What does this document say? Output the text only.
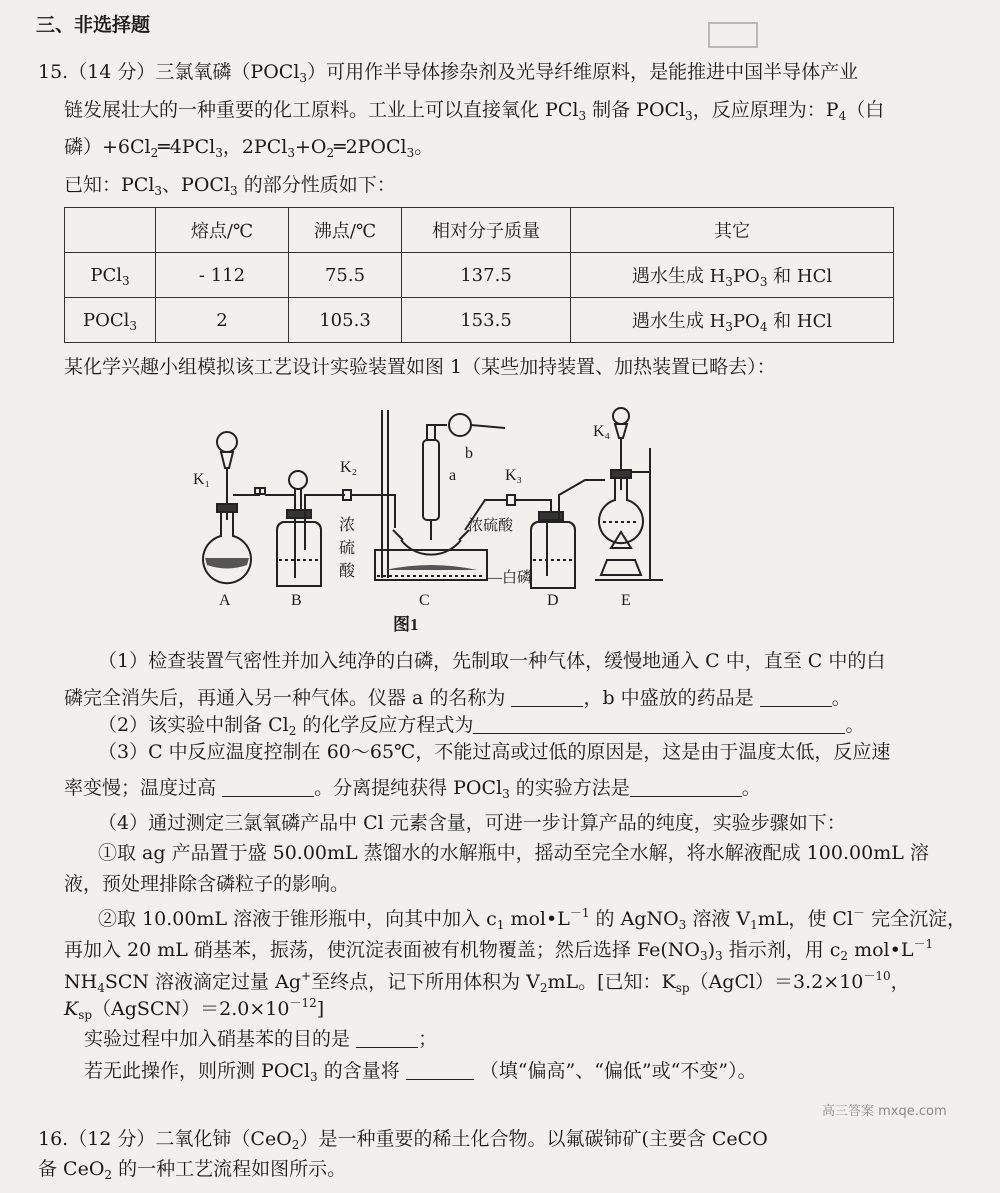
三、非选择题
15.（14 分）三氯氧磷（POCl$_3$）可用作半导体掺杂剂及光导纤维原料，是能推进中国半导体产业
链发展壮大的一种重要的化工原料。工业上可以直接氧化 PCl$_3$ 制备 POCl$_3$，反应原理为：$P_4$（白
磷）$+6Cl_2═4PCl_3$，$2PCl_3+O_2═2POCl_3$。
已知：PCl$_3$、POCl$_3$ 的部分性质如下：
	熔点/℃	沸点/℃	相对分子质量	其它
PCl$_3$	- 112	75.5	137.5	遇水生成 $H_3PO_3$ 和 HCl
POCl$_3$	2	105.3	153.5	遇水生成 $H_3PO_4$ 和 HCl
某化学兴趣小组模拟该工艺设计实验装置如图 1（某些加持装置、加热装置已略去）：
K₁
K₂	K₃
K₄
a
b
A	B	C	D	E
—白磷
图1
浓
硫
酸
浓硫酸
（1）检查装置气密性并加入纯净的白磷，先制取一种气体，缓慢地通入 C 中，直至 C 中的白
磷完全消失后，再通入另一种气体。仪器 a 的名称为	，b 中盛放的药品是	。
（2）该实验中制备 $Cl_2$ 的化学反应方程式为	。
（3）C 中反应温度控制在 60～65℃，不能过高或过低的原因是，这是由于温度太低，反应速
率变慢；温度过高	。分离提纯获得 POCl$_3$ 的实验方法是	。
（4）通过测定三氯氧磷产品中 Cl 元素含量，可进一步计算产品的纯度，实验步骤如下：
①取 ag 产品置于盛 50.00mL 蒸馏水的水解瓶中，摇动至完全水解，将水解液配成 100.00mL 溶
液，预处理排除含磷粒子的影响。
②取 10.00mL 溶液于锥形瓶中，向其中加入 $c_1$ $mol•L^{-1}$ 的 AgNO$_3$ 溶液 $V_1mL$，使 Cl－ 完全沉淀，
再加入 20 mL 硝基苯，振荡，使沉淀表面被有机物覆盖；然后选择 $Fe(NO_3)_3$ 指示剂，用 $c_2$ $mol•L^{-1}$
$NH_4SCN$ 溶液滴定过量 Ag+至终点，记下所用体积为 $V_2mL$。[已知：$K_{sp}(AgCl)=3.2\times 10^{-10}$，
$K_{sp}(AgSCN)=2.0\times 10^{-12}$]
实验过程中加入硝基苯的目的是	；
若无此操作，则所测 POCl$_3$ 的含量将	（填“偏高”、“偏低”或“不变”）。
16.（12 分）二氧化铈（CeO$_2$）是一种重要的稀土化合物。以氟碳铈矿(主要含 CeCO
备 CeO$_2$ 的一种工艺流程如图所示。
高三答案 mxqe.com
